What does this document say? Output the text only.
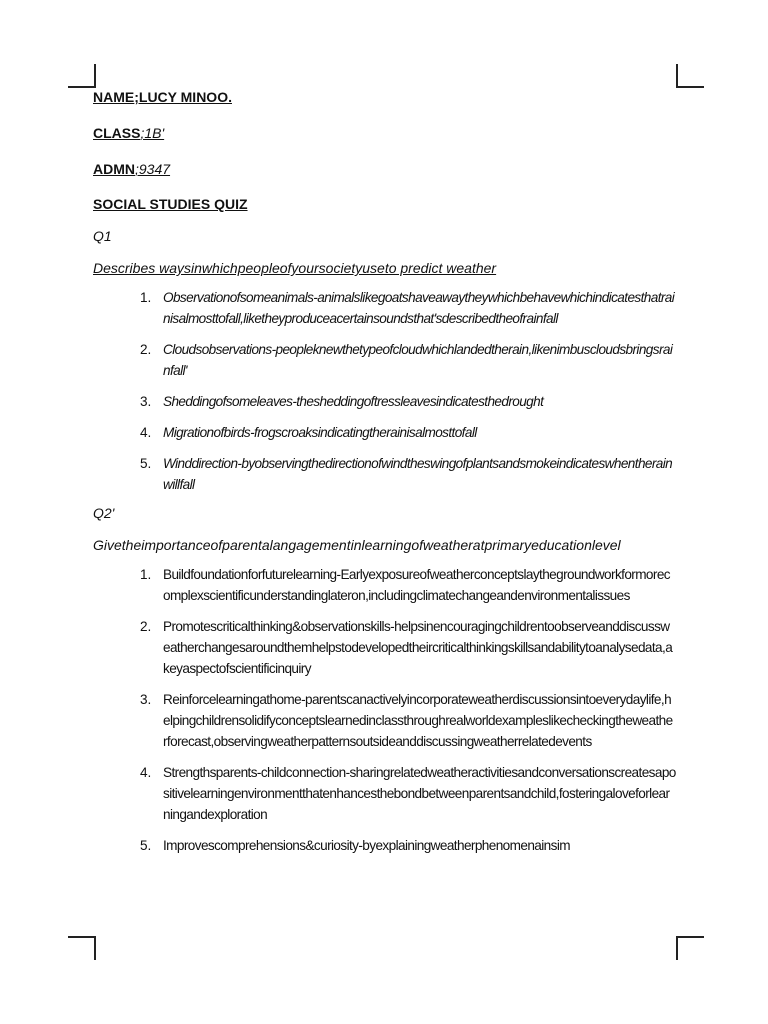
NAME;LUCY MINOO.
CLASS;1B'
ADMN;9347
SOCIAL STUDIES QUIZ
Q1
Describes waysinwhichpeopleofyoursocietyuseto predict weather
1. Observationofsomeanimals-animalslikegoatshaveawaytheywhichbehavewhichindicatesthatrainisalmosttofall,liketheyproduceacertainsoundsthat'sdescribedtheofrainfall
2. Cloudsobservations-peopleknewthetypeofcloudwhichlandedtherain,likenimbuscloudsbringsrainfall'
3. Sheddingofsomeleaves-thesheddingoftressleavesindicatesthedrought
4. Migrationofbirds-frogscroaksindicatingtherainisalmosttofall
5. Winddirection-byobservingthedirectionofwindtheswingofplantsandsmokeindicateswhentherainwillfall
Q2'
Givetheimportanceofparentalangagementinlearningofweatheratprimaryeducationlevel
1. Buildfoundationforfuturelearning-Earlyexposureofweatherconceptslaythegroundworkformorecomplexscientificunderstandinglateron,includingclimatechangeandenvironmentalissues
2. Promotescriticalthinking&observationskills-helpsinencouragingchildrentoobserveanddiscussweatherchangesaroundthemhelpstodevelopedtheircriticalthinkingskillsandabilitytoanalysedata,akeyaspectofscientificinquiry
3. Reinforcelearningathome-parentscanactivelyincorporateweatherdiscussionsintoeverydaylife,helpingchildrensolidifyconceptslearnedinclassthroughrealworldexampleslikecheckingtheweatherforecast,observingweatherpatternsoutsideanddiscussingweatherrelatedevents
4. Strengthsparents-childconnection-sharingrelatedweatheractivitiesandconversationscreatesapositivelearningenvironmentthatenhancesthebondbetweenparentsandchild,fosteringaloveforlearningandexploration
5. Improvescomprehensions&curiosity-byexplainingweatherphenomenainsim
